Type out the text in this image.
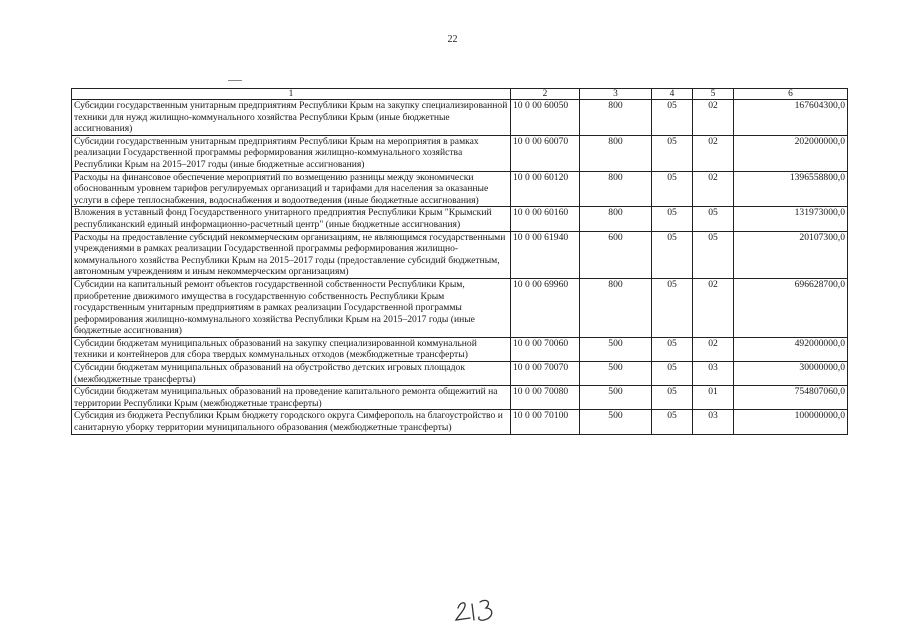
22
1	2	3	4	5	6
Субсидии государственным унитарным предприятиям Республики Крым на закупку специализированной техники для нужд жилищно-коммунального хозяйства Республики Крым (иные бюджетные ассигнования)	10 0 00 60050	800	05	02	167604300,0
Субсидии государственным унитарным предприятиям Республики Крым на мероприятия в рамках реализации Государственной программы реформирования жилищно-коммунального хозяйства Республики Крым на 2015–2017 годы (иные бюджетные ассигнования)	10 0 00 60070	800	05	02	202000000,0
Расходы на финансовое обеспечение мероприятий по возмещению разницы между экономически обоснованным уровнем тарифов регулируемых организаций и тарифами для населения за оказанные услуги в сфере теплоснабжения, водоснабжения и водоотведения (иные бюджетные ассигнования)	10 0 00 60120	800	05	02	1396558800,0
Вложения в уставный фонд Государственного унитарного предприятия Республики Крым "Крымский республиканский единый информационно-расчетный центр" (иные бюджетные ассигнования)	10 0 00 60160	800	05	05	131973000,0
Расходы на предоставление субсидий некоммерческим организациям, не являющимся государственными учреждениями в рамках реализации Государственной программы реформирования жилищно-коммунального хозяйства Республики Крым на 2015–2017 годы (предоставление субсидий бюджетным, автономным учреждениям и иным некоммерческим организациям)	10 0 00 61940	600	05	05	20107300,0
Субсидии на капитальный ремонт объектов государственной собственности Республики Крым, приобретение движимого имущества в государственную собственность Республики Крым государственным унитарным предприятиям в рамках реализации Государственной программы реформирования жилищно-коммунального хозяйства Республики Крым на 2015–2017 годы (иные бюджетные ассигнования)	10 0 00 69960	800	05	02	696628700,0
Субсидии бюджетам муниципальных образований на закупку специализированной коммунальной техники и контейнеров для сбора твердых коммунальных отходов (межбюджетные трансферты)	10 0 00 70060	500	05	02	492000000,0
Субсидии бюджетам муниципальных образований на обустройство детских игровых площадок (межбюджетные трансферты)	10 0 00 70070	500	05	03	30000000,0
Субсидии бюджетам муниципальных образований на проведение капитального ремонта общежитий на территории Республики Крым (межбюджетные трансферты)	10 0 00 70080	500	05	01	754807060,0
Субсидия из бюджета Республики Крым бюджету городского округа Симферополь на благоустройство и санитарную уборку территории муниципального образования (межбюджетные трансферты)	10 0 00 70100	500	05	03	100000000,0
